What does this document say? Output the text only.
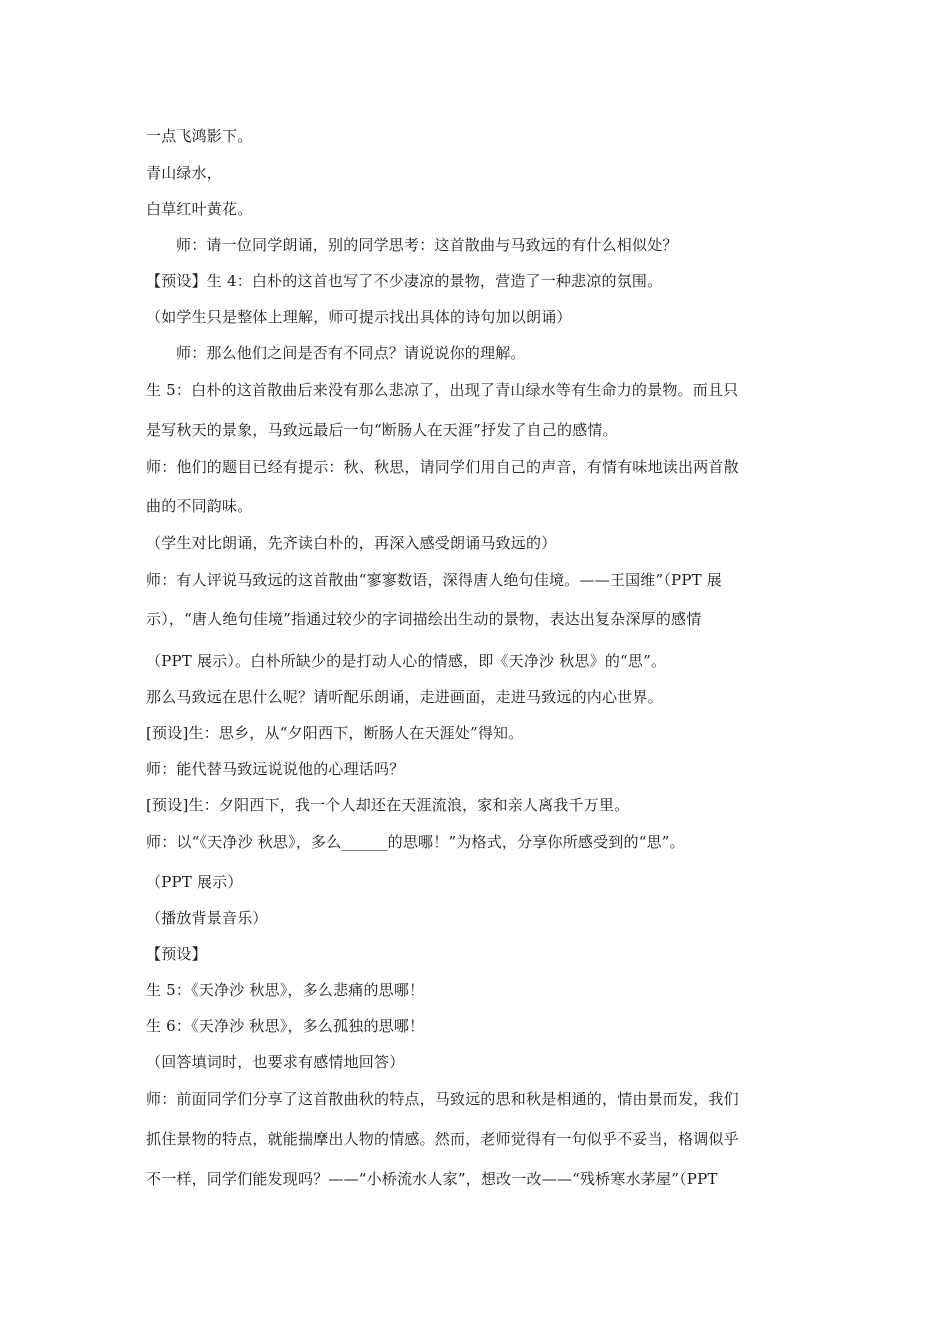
一点飞鸿影下。

青山绿水，

白草红叶黄花。

师：请一位同学朗诵，别的同学思考：这首散曲与马致远的有什么相似处？

【预设】生 4：白朴的这首也写了不少凄凉的景物，营造了一种悲凉的氛围。

（如学生只是整体上理解，师可提示找出具体的诗句加以朗诵）

师：那么他们之间是否有不同点？请说说你的理解。

生 5：白朴的这首散曲后来没有那么悲凉了，出现了青山绿水等有生命力的景物。而且只

是写秋天的景象，马致远最后一句“断肠人在天涯”抒发了自己的感情。

师：他们的题目已经有提示：秋、秋思，请同学们用自己的声音，有情有味地读出两首散

曲的不同韵味。

（学生对比朗诵，先齐读白朴的，再深入感受朗诵马致远的）

师：有人评说马致远的这首散曲“寥寥数语，深得唐人绝句佳境。——王国维”（PPT 展

示），“唐人绝句佳境”指通过较少的字词描绘出生动的景物，表达出复杂深厚的感情

（PPT 展示）。白朴所缺少的是打动人心的情感，即《天净沙 秋思》的“思”。

那么马致远在思什么呢？请听配乐朗诵，走进画面，走进马致远的内心世界。

[预设]生：思乡，从“夕阳西下，断肠人在天涯处”得知。

师：能代替马致远说说他的心理话吗？

[预设]生：夕阳西下，我一个人却还在天涯流浪，家和亲人离我千万里。

师：以“《天净沙 秋思》，多么______的思哪！”为格式，分享你所感受到的“思”。

（PPT 展示）

（播放背景音乐）

【预设】

生 5：《天净沙 秋思》，多么悲痛的思哪！

生 6：《天净沙 秋思》，多么孤独的思哪！

（回答填词时，也要求有感情地回答）

师：前面同学们分享了这首散曲秋的特点，马致远的思和秋是相通的，情由景而发，我们

抓住景物的特点，就能揣摩出人物的情感。然而，老师觉得有一句似乎不妥当，格调似乎

不一样，同学们能发现吗？——“小桥流水人家”，想改一改——“残桥寒水茅屋”（PPT
